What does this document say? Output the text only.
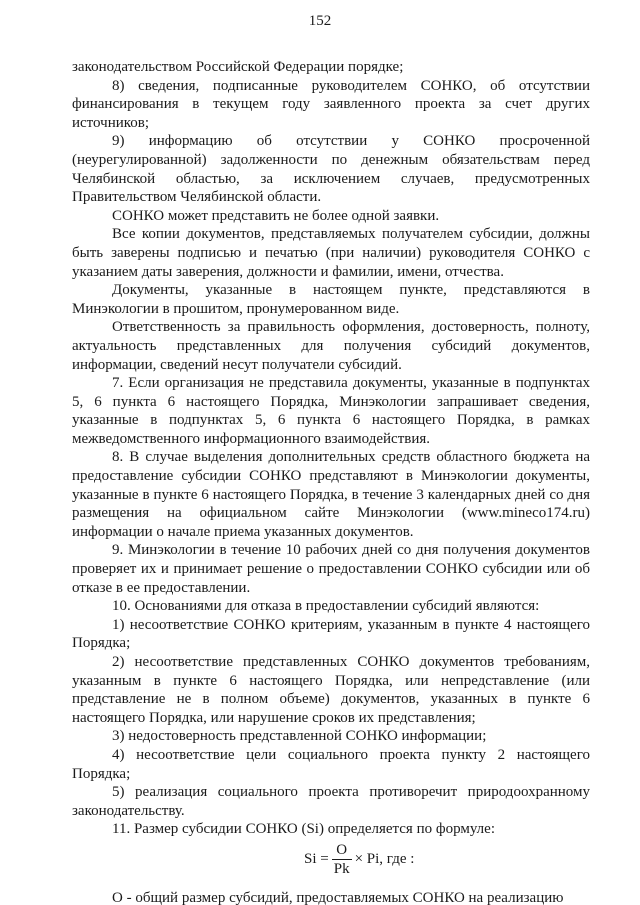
152

законодательством Российской Федерации порядке;

8) сведения, подписанные руководителем СОНКО, об отсутствии финансирования в текущем году заявленного проекта за счет других источников;

9) информацию об отсутствии у СОНКО просроченной (неурегулированной) задолженности по денежным обязательствам перед Челябинской областью, за исключением случаев, предусмотренных Правительством Челябинской области.

СОНКО может представить не более одной заявки.

Все копии документов, представляемых получателем субсидии, должны быть заверены подписью и печатью (при наличии) руководителя СОНКО с указанием даты заверения, должности и фамилии, имени, отчества.

Документы, указанные в настоящем пункте, представляются в Минэкологии в прошитом, пронумерованном виде.

Ответственность за правильность оформления, достоверность, полноту, актуальность представленных для получения субсидий документов, информации, сведений несут получатели субсидий.

7. Если организация не представила документы, указанные в подпунктах 5, 6 пункта 6 настоящего Порядка, Минэкологии запрашивает сведения, указанные в подпунктах 5, 6 пункта 6 настоящего Порядка, в рамках межведомственного информационного взаимодействия.

8. В случае выделения дополнительных средств областного бюджета на предоставление субсидии СОНКО представляют в Минэкологии документы, указанные в пункте 6 настоящего Порядка, в течение 3 календарных дней со дня размещения на официальном сайте Минэкологии (www.mineco174.ru) информации о начале приема указанных документов.

9. Минэкологии в течение 10 рабочих дней со дня получения документов проверяет их и принимает решение о предоставлении СОНКО субсидии или об отказе в ее предоставлении.

10. Основаниями для отказа в предоставлении субсидий являются:

1) несоответствие СОНКО критериям, указанным в пункте 4 настоящего Порядка;

2) несоответствие представленных СОНКО документов требованиям, указанным в пункте 6 настоящего Порядка, или непредставление (или представление не в полном объеме) документов, указанных в пункте 6 настоящего Порядка, или нарушение сроков их представления;

3) недостоверность представленной СОНКО информации;

4) несоответствие цели социального проекта пункту 2 настоящего Порядка;

5) реализация социального проекта противоречит природоохранному законодательству.

11. Размер субсидии СОНКО (Si) определяется по формуле:

$Si = \frac{O}{Pk} \times Pi$, где :

О - общий размер субсидий, предоставляемых СОНКО на реализацию
